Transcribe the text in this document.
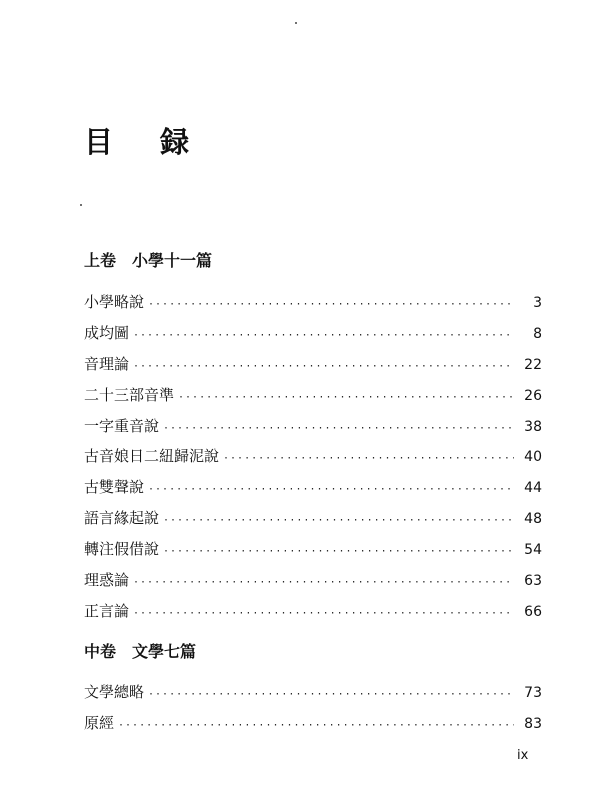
目 録
上卷 小學十一篇
小學略說 ·····	3
成均圖 ·····	8
音理論 ·····	22
二十三部音準 ·····	26
一字重音說 ·····	38
古音娘日二紐歸泥說 ·····	40
古雙聲說 ·····	44
語言緣起說 ·····	48
轉注假借說 ·····	54
理惑論 ·····	63
正言論 ·····	66
中卷 文學七篇
文學總略 ·····	73
原經 ·····	83
ix
